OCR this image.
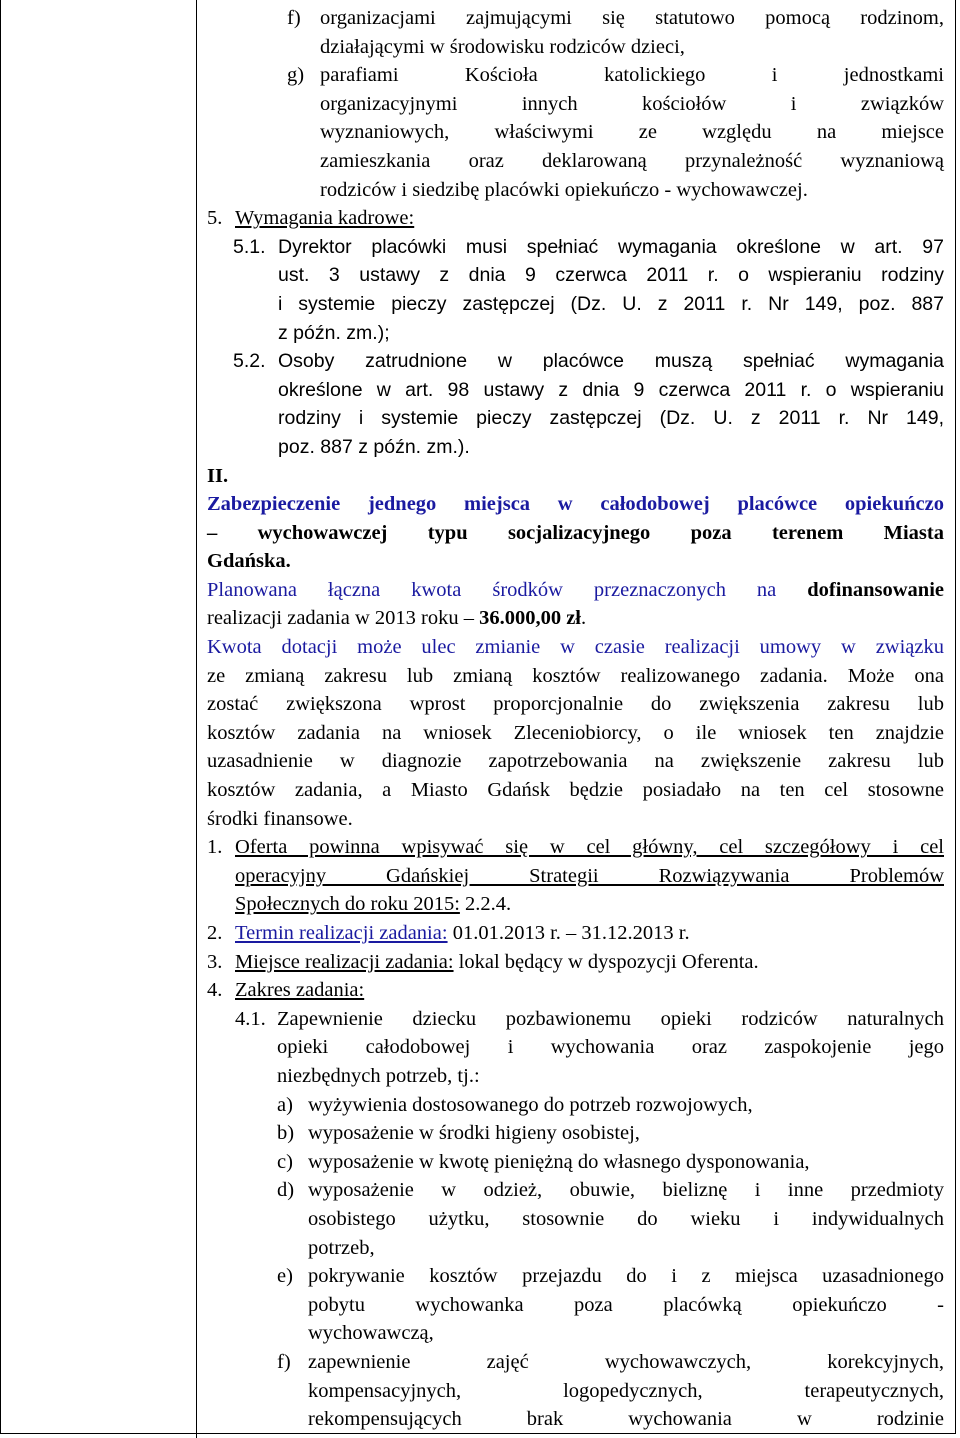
f) organizacjami zajmującymi się statutowo pomocą rodzinom,

działającymi w środowisku rodziców dzieci,

g) parafiami Kościoła katolickiego i jednostkami

organizacyjnymi innych kościołów i związków

wyznaniowych, właściwymi ze względu na miejsce

zamieszkania oraz deklarowaną przynależność wyznaniową

rodziców i siedzibę placówki opiekuńczo - wychowawczej.

5. Wymagania kadrowe:
5.1. Dyrektor placówki musi spełniać wymagania określone w art. 97

ust. 3 ustawy z dnia 9 czerwca 2011 r. o wspieraniu rodziny

i systemie pieczy zastępczej (Dz. U. z 2011 r. Nr 149, poz. 887

z późn. zm.);

5.2. Osoby zatrudnione w placówce muszą spełniać wymagania

określone w art. 98 ustawy z dnia 9 czerwca 2011 r. o wspieraniu

rodziny i systemie pieczy zastępczej (Dz. U. z 2011 r. Nr 149,

poz. 887 z późn. zm.).

II.

Zabezpieczenie jednego miejsca w całodobowej placówce opiekuńczo

– wychowawczej typu socjalizacyjnego poza terenem Miasta

Gdańska.

Planowana łączna kwota środków przeznaczonych na dofinansowanie

realizacji zadania w 2013 roku – 36.000,00 zł.

Kwota dotacji może ulec zmianie w czasie realizacji umowy w związku

ze zmianą zakresu lub zmianą kosztów realizowanego zadania. Może ona

zostać zwiększona wprost proporcjonalnie do zwiększenia zakresu lub

kosztów zadania na wniosek Zleceniobiorcy, o ile wniosek ten znajdzie

uzasadnienie w diagnozie zapotrzebowania na zwiększenie zakresu lub

kosztów zadania, a Miasto Gdańsk będzie posiadało na ten cel stosowne

środki finansowe.

1. Oferta powinna wpisywać się w cel główny, cel szczegółowy i cel

operacyjny Gdańskiej Strategii Rozwiązywania Problemów

Społecznych do roku 2015: 2.2.4.

2. Termin realizacji zadania: 01.01.2013 r. – 31.12.2013 r.

3. Miejsce realizacji zadania: lokal będący w dyspozycji Oferenta.

4. Zakres zadania:
4.1. Zapewnienie dziecku pozbawionemu opieki rodziców naturalnych

opieki całodobowej i wychowania oraz zaspokojenie jego

niezbędnych potrzeb, tj.:

a) wyżywienia dostosowanego do potrzeb rozwojowych,

b) wyposażenie w środki higieny osobistej,

c) wyposażenie w kwotę pieniężną do własnego dysponowania,

d) wyposażenie w odzież, obuwie, bieliznę i inne przedmioty

osobistego użytku, stosownie do wieku i indywidualnych

potrzeb,

e) pokrywanie kosztów przejazdu do i z miejsca uzasadnionego

pobytu wychowanka poza placówką opiekuńczo -

wychowawczą,

f) zapewnienie zajęć wychowawczych, korekcyjnych,

kompensacyjnych, logopedycznych, terapeutycznych,

rekompensujących brak wychowania w rodzinie
